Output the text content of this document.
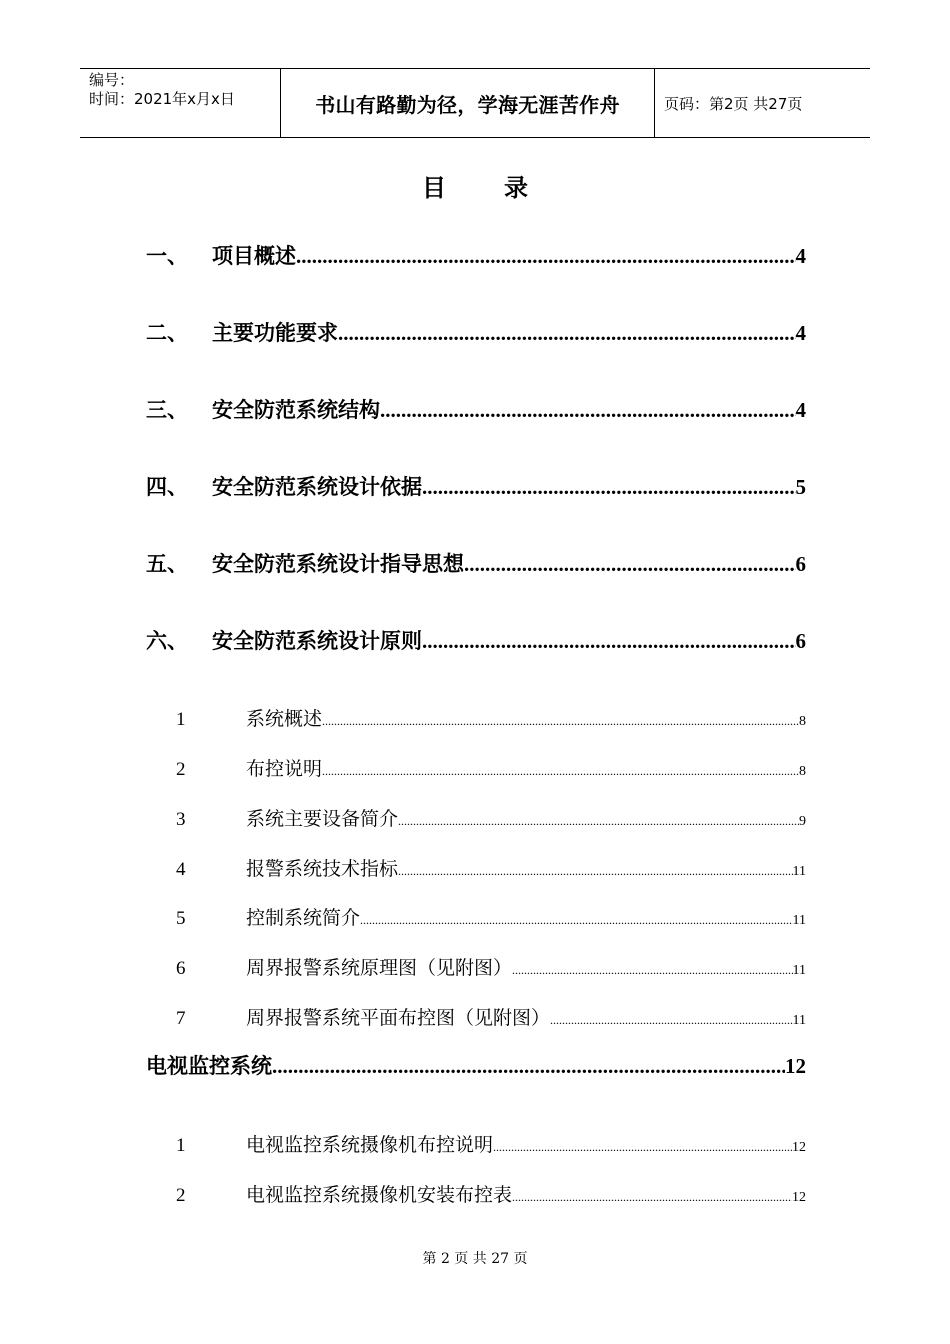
编号：
时间：2021年x月x日	书山有路勤为径，学海无涯苦作舟	页码：第2页 共27页
目 录
一、	项目概述 .....	4
二、	主要功能要求 .....	4
三、	安全防范系统结构 .....	4
四、	安全防范系统设计依据 .....	5
五、	安全防范系统设计指导思想 .....	6
六、	安全防范系统设计原则 .....	6
1	系统概述 .....	8
2	布控说明 .....	8
3	系统主要设备简介 .....	9
4	报警系统技术指标 .....	11
5	控制系统简介 .....	11
6	周界报警系统原理图（见附图） .....	11
7	周界报警系统平面布控图（见附图） .....	11
电视监控系统 .....	12
1	电视监控系统摄像机布控说明 .....	12
2	电视监控系统摄像机安装布控表 .....	12
第 2 页 共 27 页
